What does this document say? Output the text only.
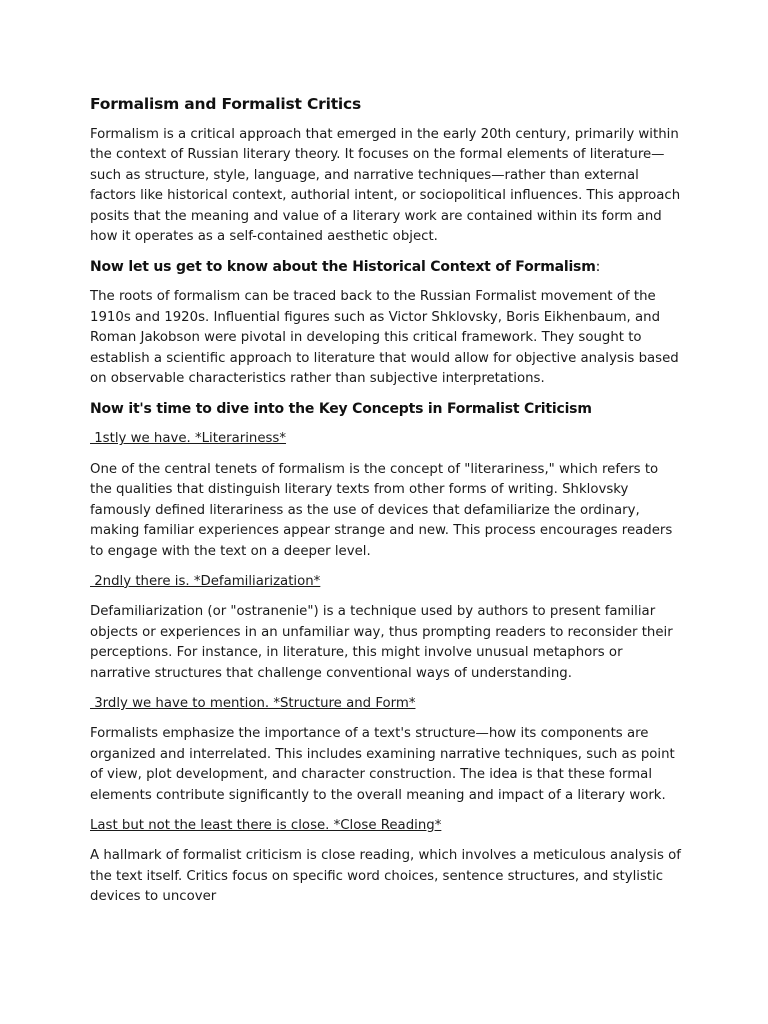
Formalism and Formalist Critics

Formalism is a critical approach that emerged in the early 20th century, primarily within the context of Russian literary theory. It focuses on the formal elements of literature—such as structure, style, language, and narrative techniques—rather than external factors like historical context, authorial intent, or sociopolitical influences. This approach posits that the meaning and value of a literary work are contained within its form and how it operates as a self-contained aesthetic object.

Now let us get to know about the Historical Context of Formalism:

The roots of formalism can be traced back to the Russian Formalist movement of the 1910s and 1920s. Influential figures such as Victor Shklovsky, Boris Eikhenbaum, and Roman Jakobson were pivotal in developing this critical framework. They sought to establish a scientific approach to literature that would allow for objective analysis based on observable characteristics rather than subjective interpretations.

Now it's time to dive into the Key Concepts in Formalist Criticism

1stly we have. *Literariness*

One of the central tenets of formalism is the concept of "literariness," which refers to the qualities that distinguish literary texts from other forms of writing. Shklovsky famously defined literariness as the use of devices that defamiliarize the ordinary, making familiar experiences appear strange and new. This process encourages readers to engage with the text on a deeper level.

2ndly there is. *Defamiliarization*

Defamiliarization (or "ostranenie") is a technique used by authors to present familiar objects or experiences in an unfamiliar way, thus prompting readers to reconsider their perceptions. For instance, in literature, this might involve unusual metaphors or narrative structures that challenge conventional ways of understanding.

3rdly we have to mention. *Structure and Form*

Formalists emphasize the importance of a text's structure—how its components are organized and interrelated. This includes examining narrative techniques, such as point of view, plot development, and character construction. The idea is that these formal elements contribute significantly to the overall meaning and impact of a literary work.

Last but not the least there is close. *Close Reading*

A hallmark of formalist criticism is close reading, which involves a meticulous analysis of the text itself. Critics focus on specific word choices, sentence structures, and stylistic devices to uncover
